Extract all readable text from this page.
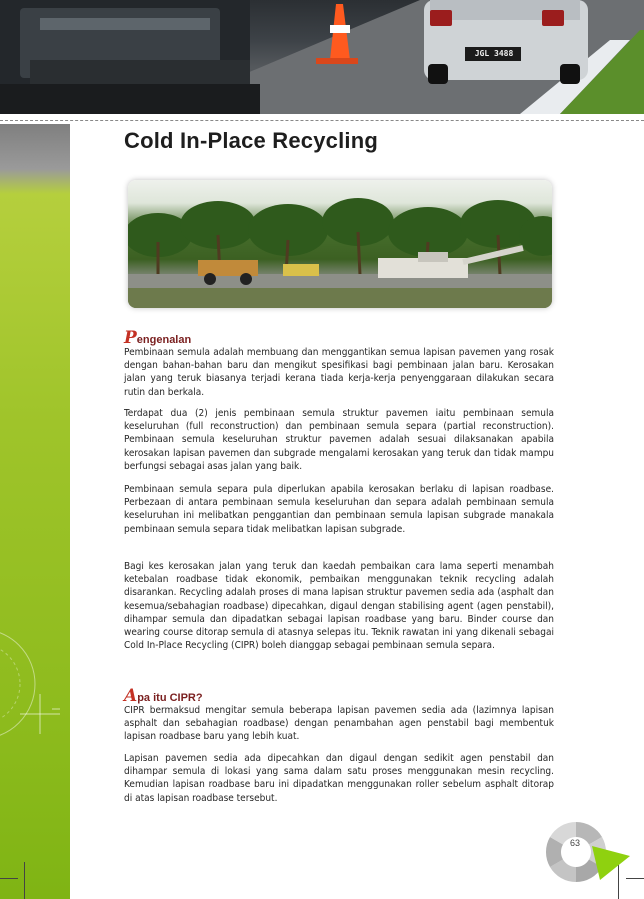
JGL 3488
Cold In-Place Recycling
Pengenalan

Pembinaan semula adalah membuang dan menggantikan semua lapisan pavemen yang rosak dengan bahan-bahan baru dan mengikut spesifikasi bagi pembinaan jalan baru. Kerosakan jalan yang teruk biasanya terjadi kerana tiada kerja-kerja penyenggaraan dilakukan secara rutin dan berkala.

Terdapat dua (2) jenis pembinaan semula struktur pavemen iaitu pembinaan semula keseluruhan (full reconstruction) dan pembinaan semula separa (partial reconstruction). Pembinaan semula keseluruhan struktur pavemen adalah sesuai dilaksanakan apabila kerosakan lapisan pavemen dan subgrade mengalami kerosakan yang teruk dan tidak mampu berfungsi sebagai asas jalan yang baik.

Pembinaan semula separa pula diperlukan apabila kerosakan berlaku di lapisan roadbase. Perbezaan di antara pembinaan semula keseluruhan dan separa adalah pembinaan semula keseluruhan ini melibatkan penggantian dan pembinaan semula lapisan subgrade manakala pembinaan semula separa tidak melibatkan lapisan subgrade.

Bagi kes kerosakan jalan yang teruk dan kaedah pembaikan cara lama seperti menambah ketebalan roadbase tidak ekonomik, pembaikan menggunakan teknik recycling adalah disarankan. Recycling adalah proses di mana lapisan struktur pavemen sedia ada (asphalt dan kesemua/sebahagian roadbase) dipecahkan, digaul dengan stabilising agent (agen penstabil), dihampar semula dan dipadatkan sebagai lapisan roadbase yang baru. Binder course dan wearing course ditorap semula di atasnya selepas itu. Teknik rawatan ini yang dikenali sebagai Cold In-Place Recycling (CIPR) boleh dianggap sebagai pembinaan semula separa.

Apa itu CIPR?

CIPR bermaksud mengitar semula beberapa lapisan pavemen sedia ada (lazimnya lapisan asphalt dan sebahagian roadbase) dengan penambahan agen penstabil bagi membentuk lapisan roadbase baru yang lebih kuat.

Lapisan pavemen sedia ada dipecahkan dan digaul dengan sedikit agen penstabil dan dihampar semula di lokasi yang sama dalam satu proses menggunakan mesin recycling. Kemudian lapisan roadbase baru ini dipadatkan menggunakan roller sebelum asphalt ditorap di atas lapisan roadbase tersebut.

63
